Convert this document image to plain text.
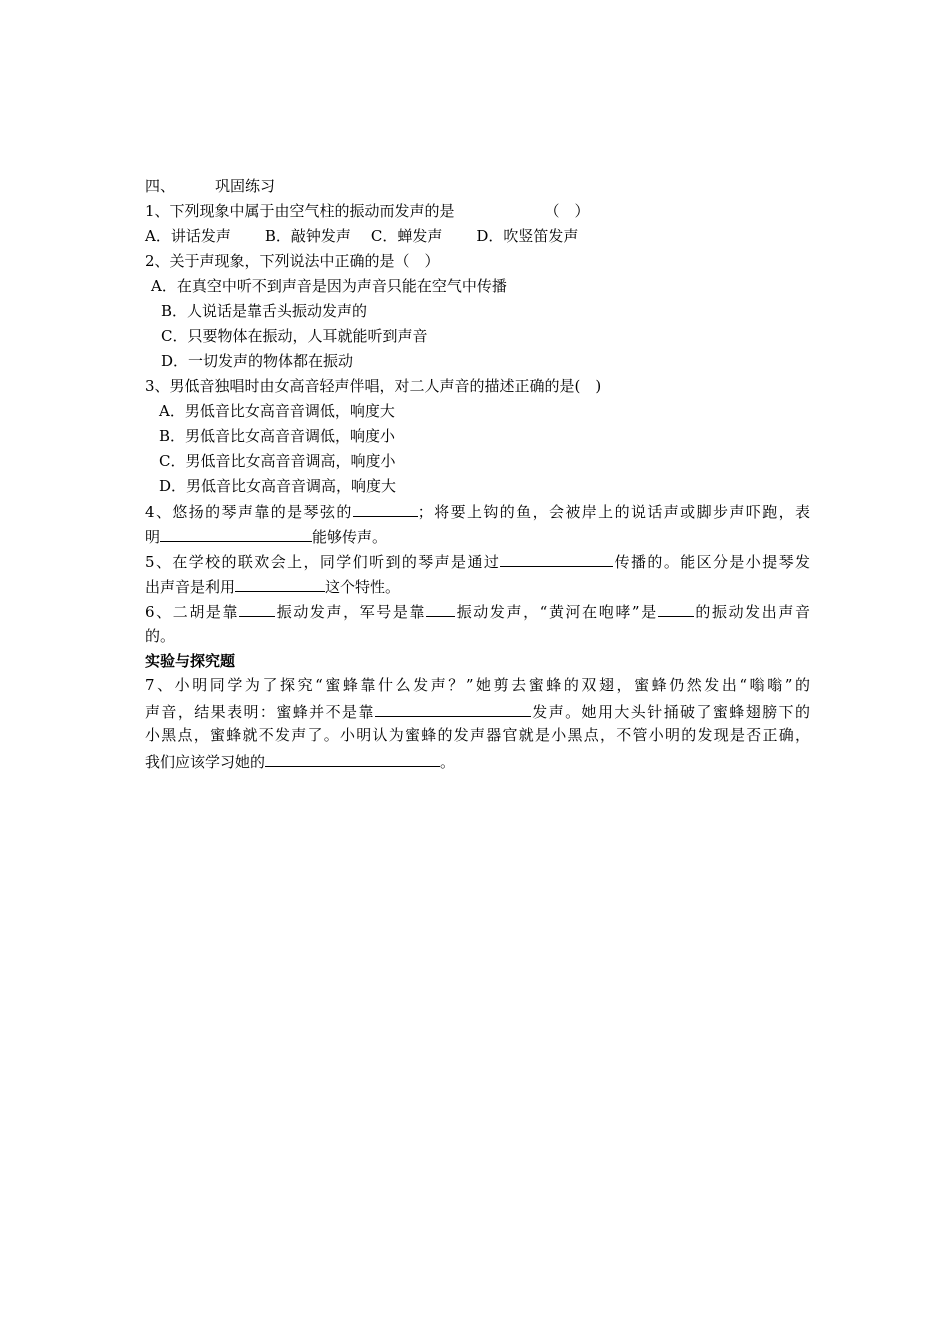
四、	巩固练习
1、下列现象中属于由空气柱的振动而发声的是	（　）
A．讲话发声 B．敲钟发声 C．蝉发声 D．吹竖笛发声
2、关于声现象，下列说法中正确的是（　）
A．在真空中听不到声音是因为声音只能在空气中传播
B．人说话是靠舌头振动发声的
C．只要物体在振动，人耳就能听到声音
D．一切发声的物体都在振动
3、男低音独唱时由女高音轻声伴唱，对二人声音的描述正确的是(　)
A．男低音比女高音音调低，响度大
B．男低音比女高音音调低，响度小
C．男低音比女高音音调高，响度小
D．男低音比女高音音调高，响度大
4、悠扬的琴声靠的是琴弦的	；将要上钩的鱼，会被岸上的说话声或脚步声吓跑，表
明	能够传声。
5、在学校的联欢会上，同学们听到的琴声是通过	传播的。能区分是小提琴发
出声音是利用	这个特性。
6、二胡是靠 振动发声，军号是靠 振动发声，“黄河在咆哮”是 的振动发出声音
的。
实验与探究题
7、小明同学为了探究“蜜蜂靠什么发声？”她剪去蜜蜂的双翅，蜜蜂仍然发出“嗡嗡”的
声音，结果表明：蜜蜂并不是靠	发声。她用大头针捅破了蜜蜂翅膀下的
小黑点，蜜蜂就不发声了。小明认为蜜蜂的发声器官就是小黑点，不管小明的发现是否正确，
我们应该学习她的	。
